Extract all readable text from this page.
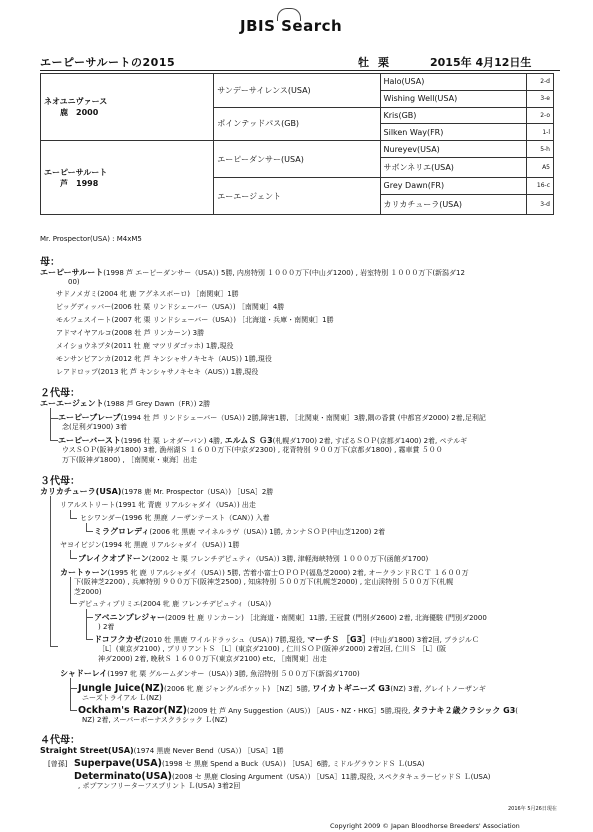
JBIS Search
エーピーサルートの2015	牡 栗	2015年 4月12日生
ネオユニヴァース
鹿　2000	サンデーサイレンス(USA)	Halo(USA)	2-d
		Wishing Well(USA)	3-e
	ポインテッドパス(GB)	Kris(GB)	2-o
		Silken Way(FR)	1-l

エーピーサルート
芦　1998	エーピーダンサー(USA)	Nureyev(USA)	5-h
		サボンネリエ(USA)	A5
	エーエージェント	Grey Dawn(FR)	16-c
		カリカチューラ(USA)	3-d
Mr. Prospector(USA) : M4xM5
母：
エーピーサルート(1998 芦 エーピーダンサー（USA）) 5勝, 内房特別 １０００万下(中山ダ1200) , 岩室特別 １０００万下(新潟ダ12
00)
サドノメガミ(2004 牝 鹿 アグネスボーロ) ［南関東］1勝
ビッグディッパー(2006 牡 栗 リンドシェーバー（USA）) ［南関東］4勝
モルフェスイート(2007 牝 栗 リンドシェーバー（USA）) ［北海道・兵庫・南関東］1勝
アドマイヤアルコ(2008 牡 芦 リンカーン) 3勝
メイショウネブタ(2011 牡 鹿 マツリダゴッホ) 1勝,現役
モンサンビアンカ(2012 牝 芦 キンシャサノキセキ（AUS）) 1勝,現役
レアドロップ(2013 牝 芦 キンシャサノキセキ（AUS）) 1勝,現役
２代母：
エーエージェント(1988 芦 Grey Dawn（FR）) 2勝
エーピーブレーブ(1994 牡 芦 リンドシェーバー（USA）) 2勝,障害1勝, ［北関東・南関東］3勝,隅の香賞 (中都宮ダ2000) 2着,足利記
念(足利ダ1900) 3着
エーピーバースト(1996 牡 栗 レオダーバン) 4勝, エルムＳ Ｇ3(札幌ダ1700) 2着, すばるＳＯＰ(京都ダ1400) 2着, ペテルギ
ウスＳＯＰ(阪神ダ1800) 3着, 漁州湖Ｓ １６００万下(中京ダ2300) , 花背特別 ９００万下(京都ダ1800) , 霧車賞 ５００
万下(阪神ダ1800) , ［南関東・東海］出走
３代母：
カリカチューラ(USA)(1978 鹿 Mr. Prospector（USA）) ［USA］2勝
リアルストリート(1991 牝 青鹿 リアルシャダイ（USA）) 出走
ヒシワンダー(1996 牝 黒鹿 ノーザンテースト（CAN）) 入着
ミラグロレディ(2006 牝 黒鹿 マイネルラヴ（USA）) 1勝, カンナＳＯＰ(中山芝1200) 2着
ヤヨイビジン(1994 牝 黒鹿 リアルシャダイ（USA）) 1勝
ブレイクオブドーン(2002 セ 栗 フレンチデピュティ（USA）) 3勝, 津軽海峡特別 １０００万下(函館ダ1700)
カートゥーン(1995 牝 鹿 リアルシャダイ（USA）) 5勝, 苦着小富士ＯＰＯＰ(福島芝2000) 2着, オークランドＲＣＴ １６００万
下(阪神芝2200) , 兵庫特別 ９００万下(阪神芝2500) , 知床特別 ５００万下(札幌芝2000) , 定山渓特別 ５００万下(札幌
芝2000)
デピュティプリミエ(2004 牝 鹿 フレンチデピュティ（USA）)
アベニンプレジャー(2009 牡 鹿 リンカーン) ［北海道・南関東］11勝, 王冠賞 (門別ダ2600) 2着, 北海優駿 (門別ダ2000
) 2着
ドコフクカゼ(2010 牡 黒鹿 ワイルドラッシュ（USA）) 7勝,現役, マーチＳ ［G3］(中山ダ1800) 3着2回, ブラジルＣ
［L］(東京ダ2100) , ブリリアントＳ ［L］(東京ダ2100) , 仁川ＳＯＰ(阪神ダ2000) 2着2回, 仁川Ｓ ［L］(阪
神ダ2000) 2着, 晩秋Ｓ １６００万下(東京ダ2100) etc, ［南関東］出走
シャドーレイ(1997 牝 栗 グルームダンサー（USA）) 3勝, 魚沼特別 ５００万下(新潟ダ1700)
Jungle Juice(NZ)(2006 牝 鹿 ジャングルポケット) ［NZ］5勝, ワイカトギニーズ G3(NZ) 3着, グレイトノーザンギ
ニーズトライアル Ｌ(NZ)
Ockham's Razor(NZ)(2009 牡 芦 Any Suggestion（AUS）) ［AUS・NZ・HKG］5勝,現役, タラナキ２歳クラシック G3(
NZ) 2着, スーパーボーナスクラシック Ｌ(NZ)
４代母：
Straight Street(USA)(1974 黒鹿 Never Bend（USA）) ［USA］1勝
[曾孫] Superpave(USA)(1998 セ 黒鹿 Spend a Buck（USA）) ［USA］6勝, ミドルグラウンドＳ Ｌ(USA)
Determinato(USA)(2008 セ 黒鹿 Closing Argument（USA）) ［USA］11勝,現役, スペクタキュラービッドＳ Ｌ(USA)
, ポプアンフリーターフスプリント Ｌ(USA) 3着2回
2016年 5月26日現在
Copyright 2009 © Japan Bloodhorse Breeders' Association
